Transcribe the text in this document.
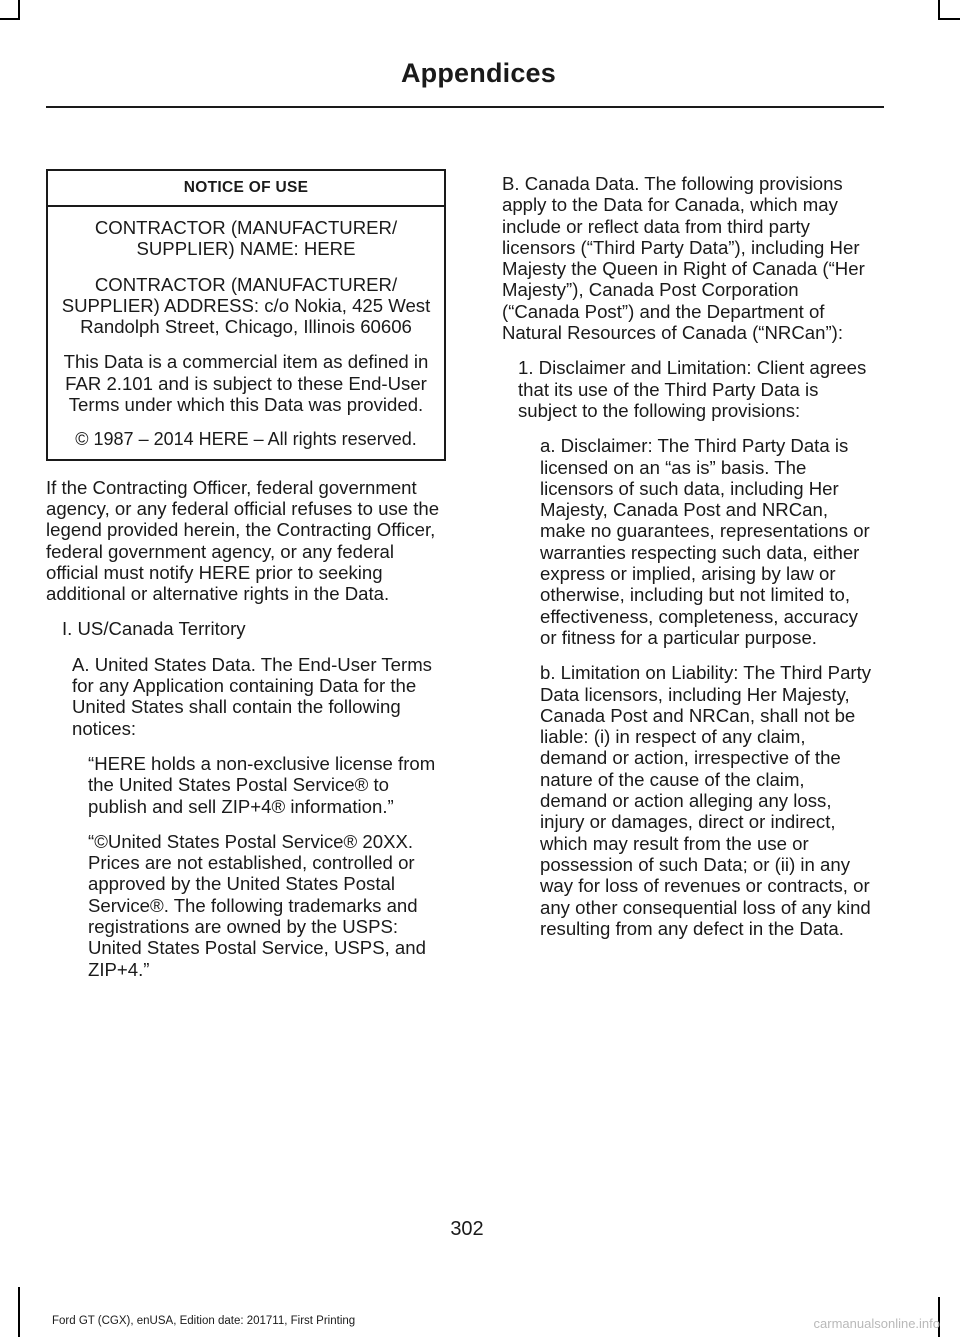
Appendices
NOTICE OF USE

CONTRACTOR (MANUFACTURER/ SUPPLIER) NAME: HERE

CONTRACTOR (MANUFACTURER/ SUPPLIER) ADDRESS: c/o Nokia, 425 West Randolph Street, Chicago, Illinois 60606

This Data is a commercial item as defined in FAR 2.101 and is subject to these End-User Terms under which this Data was provided.

© 1987 – 2014 HERE – All rights reserved.

If the Contracting Officer, federal government agency, or any federal official refuses to use the legend provided herein, the Contracting Officer, federal government agency, or any federal official must notify HERE prior to seeking additional or alternative rights in the Data.

I. US/Canada Territory

A. United States Data. The End-User Terms for any Application containing Data for the United States shall contain the following notices:

“HERE holds a non-exclusive license from the United States Postal Service® to publish and sell ZIP+4® information.”

“©United States Postal Service® 20XX. Prices are not established, controlled or approved by the United States Postal Service®. The following trademarks and registrations are owned by the USPS: United States Postal Service, USPS, and ZIP+4.”

B. Canada Data. The following provisions apply to the Data for Canada, which may include or reflect data from third party licensors (“Third Party Data”), including Her Majesty the Queen in Right of Canada (“Her Majesty”), Canada Post Corporation (“Canada Post”) and the Department of Natural Resources of Canada (“NRCan”):

1. Disclaimer and Limitation: Client agrees that its use of the Third Party Data is subject to the following provisions:

a. Disclaimer: The Third Party Data is licensed on an “as is” basis. The licensors of such data, including Her Majesty, Canada Post and NRCan, make no guarantees, representations or warranties respecting such data, either express or implied, arising by law or otherwise, including but not limited to, effectiveness, completeness, accuracy or fitness for a particular purpose.

b. Limitation on Liability: The Third Party Data licensors, including Her Majesty, Canada Post and NRCan, shall not be liable: (i) in respect of any claim, demand or action, irrespective of the nature of the cause of the claim, demand or action alleging any loss, injury or damages, direct or indirect, which may result from the use or possession of such Data; or (ii) in any way for loss of revenues or contracts, or any other consequential loss of any kind resulting from any defect in the Data.

302
Ford GT (CGX), enUSA, Edition date: 201711, First Printing	carmanualsonline.info
